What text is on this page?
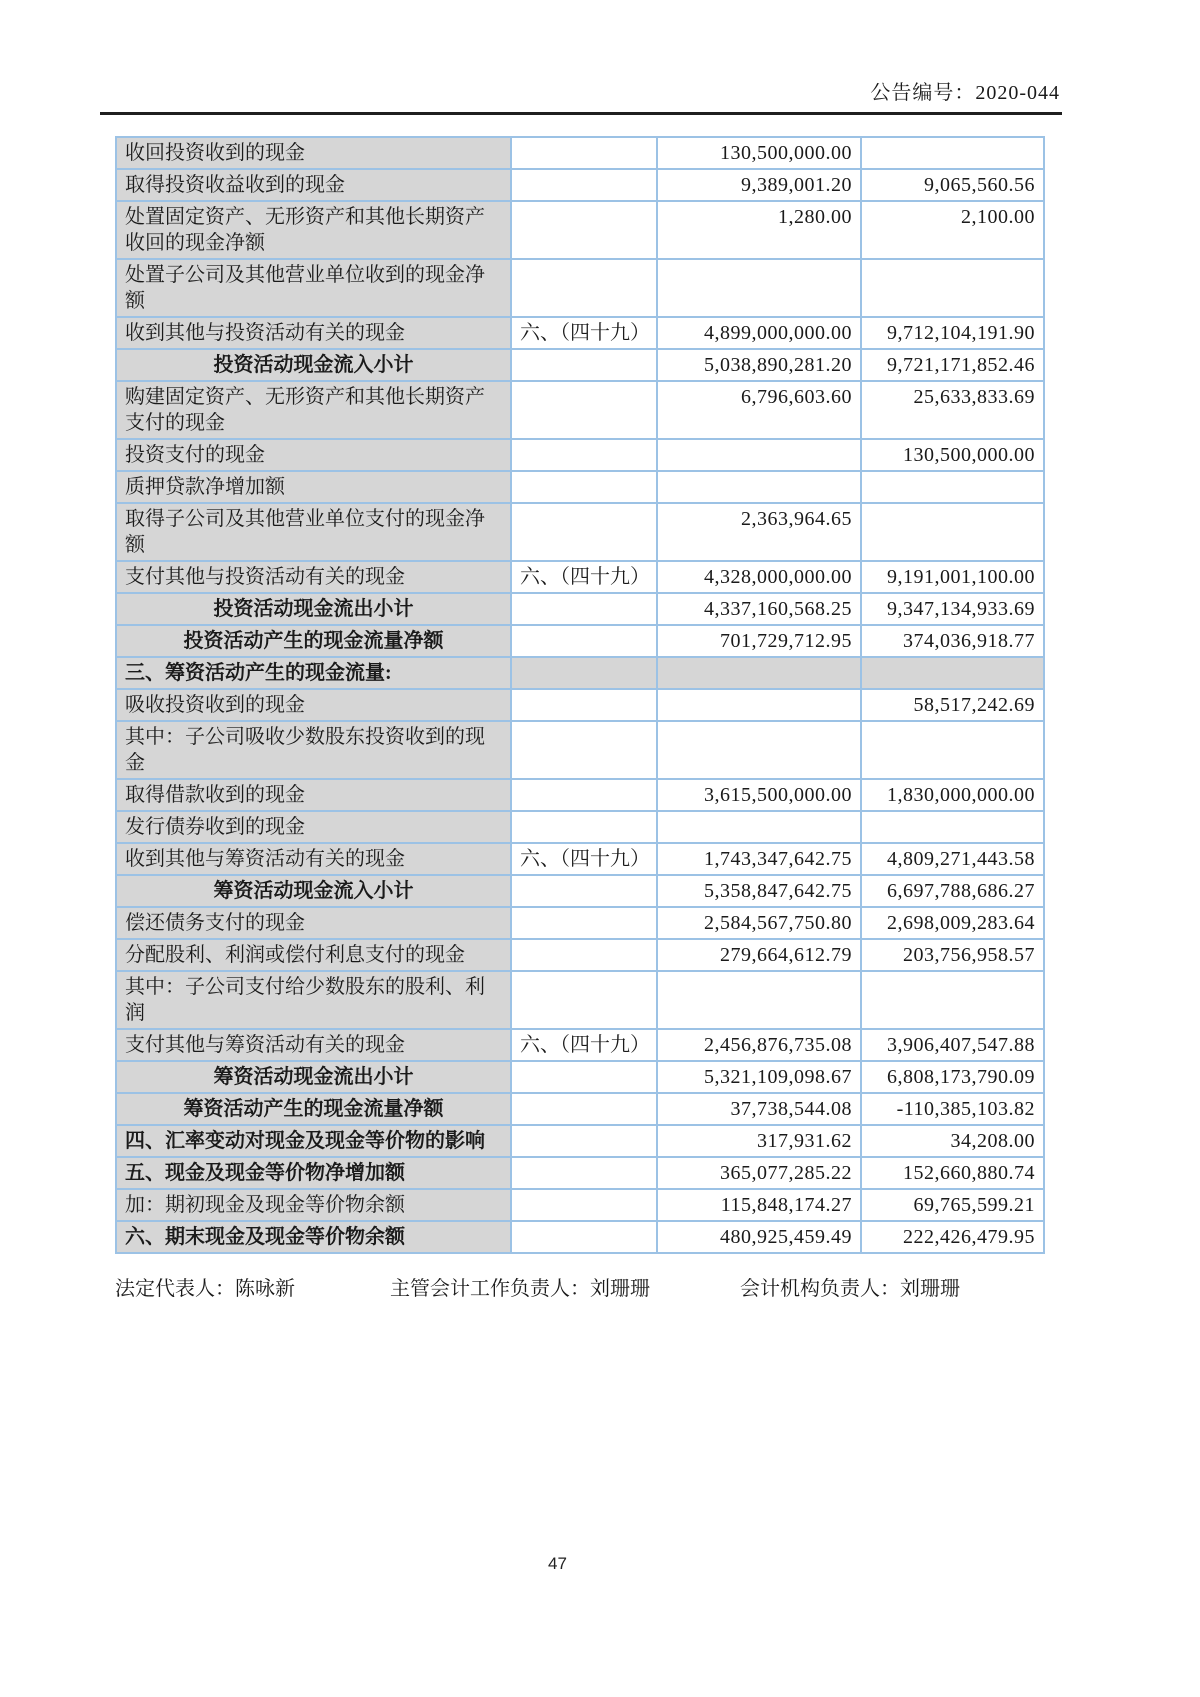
公告编号：2020-044
收回投资收到的现金		130,500,000.00	
取得投资收益收到的现金		9,389,001.20	9,065,560.56
处置固定资产、无形资产和其他长期资产收回的现金净额		1,280.00	2,100.00
处置子公司及其他营业单位收到的现金净额			
收到其他与投资活动有关的现金	六、（四十九）	4,899,000,000.00	9,712,104,191.90
投资活动现金流入小计		5,038,890,281.20	9,721,171,852.46
购建固定资产、无形资产和其他长期资产支付的现金		6,796,603.60	25,633,833.69
投资支付的现金			130,500,000.00
质押贷款净增加额			
取得子公司及其他营业单位支付的现金净额		2,363,964.65	
支付其他与投资活动有关的现金	六、（四十九）	4,328,000,000.00	9,191,001,100.00
投资活动现金流出小计		4,337,160,568.25	9,347,134,933.69
投资活动产生的现金流量净额		701,729,712.95	374,036,918.77
三、筹资活动产生的现金流量:			
吸收投资收到的现金			58,517,242.69
其中：子公司吸收少数股东投资收到的现金			
取得借款收到的现金		3,615,500,000.00	1,830,000,000.00
发行债券收到的现金			
收到其他与筹资活动有关的现金	六、（四十九）	1,743,347,642.75	4,809,271,443.58
筹资活动现金流入小计		5,358,847,642.75	6,697,788,686.27
偿还债务支付的现金		2,584,567,750.80	2,698,009,283.64
分配股利、利润或偿付利息支付的现金		279,664,612.79	203,756,958.57
其中：子公司支付给少数股东的股利、利润			
支付其他与筹资活动有关的现金	六、（四十九）	2,456,876,735.08	3,906,407,547.88
筹资活动现金流出小计		5,321,109,098.67	6,808,173,790.09
筹资活动产生的现金流量净额		37,738,544.08	-110,385,103.82
四、汇率变动对现金及现金等价物的影响		317,931.62	34,208.00
五、现金及现金等价物净增加额		365,077,285.22	152,660,880.74
加：期初现金及现金等价物余额		115,848,174.27	69,765,599.21
六、期末现金及现金等价物余额		480,925,459.49	222,426,479.95
法定代表人：陈咏新	主管会计工作负责人：刘珊珊	会计机构负责人：刘珊珊
47
